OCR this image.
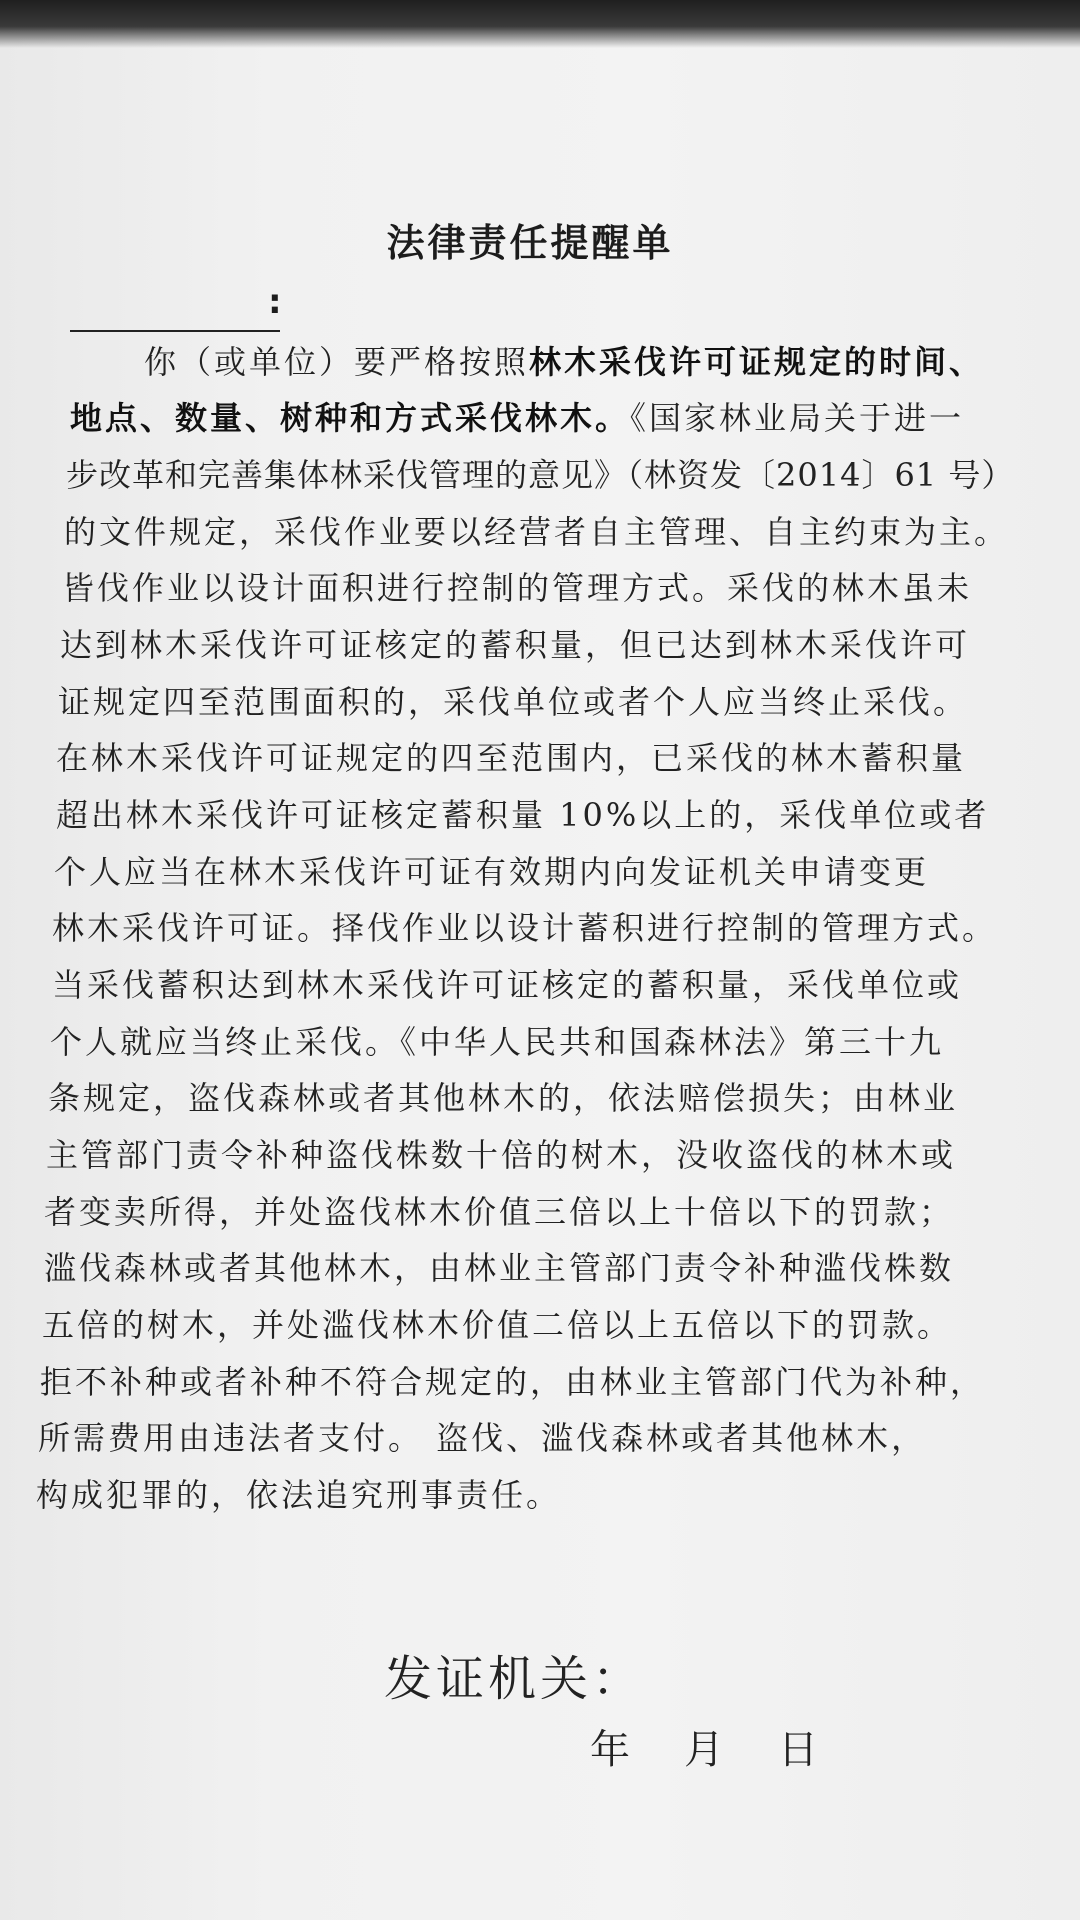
法律责任提醒单
:
你（或单位）要严格按照林木采伐许可证规定的时间、
地点、数量、树种和方式采伐林木。《国家林业局关于进一
步改革和完善集体林采伐管理的意见》（林资发〔2014〕61 号）
的文件规定，采伐作业要以经营者自主管理、自主约束为主。
皆伐作业以设计面积进行控制的管理方式。采伐的林木虽未
达到林木采伐许可证核定的蓄积量，但已达到林木采伐许可
证规定四至范围面积的，采伐单位或者个人应当终止采伐。
在林木采伐许可证规定的四至范围内，已采伐的林木蓄积量
超出林木采伐许可证核定蓄积量 10%以上的，采伐单位或者
个人应当在林木采伐许可证有效期内向发证机关申请变更
林木采伐许可证。择伐作业以设计蓄积进行控制的管理方式。
当采伐蓄积达到林木采伐许可证核定的蓄积量，采伐单位或
个人就应当终止采伐。《中华人民共和国森林法》第三十九
条规定，盗伐森林或者其他林木的，依法赔偿损失；由林业
主管部门责令补种盗伐株数十倍的树木，没收盗伐的林木或
者变卖所得，并处盗伐林木价值三倍以上十倍以下的罚款；
滥伐森林或者其他林木，由林业主管部门责令补种滥伐株数
五倍的树木，并处滥伐林木价值二倍以上五倍以下的罚款。
拒不补种或者补种不符合规定的，由林业主管部门代为补种，
所需费用由违法者支付。 盗伐、滥伐森林或者其他林木，
构成犯罪的，依法追究刑事责任。
发证机关：
年 月 日
